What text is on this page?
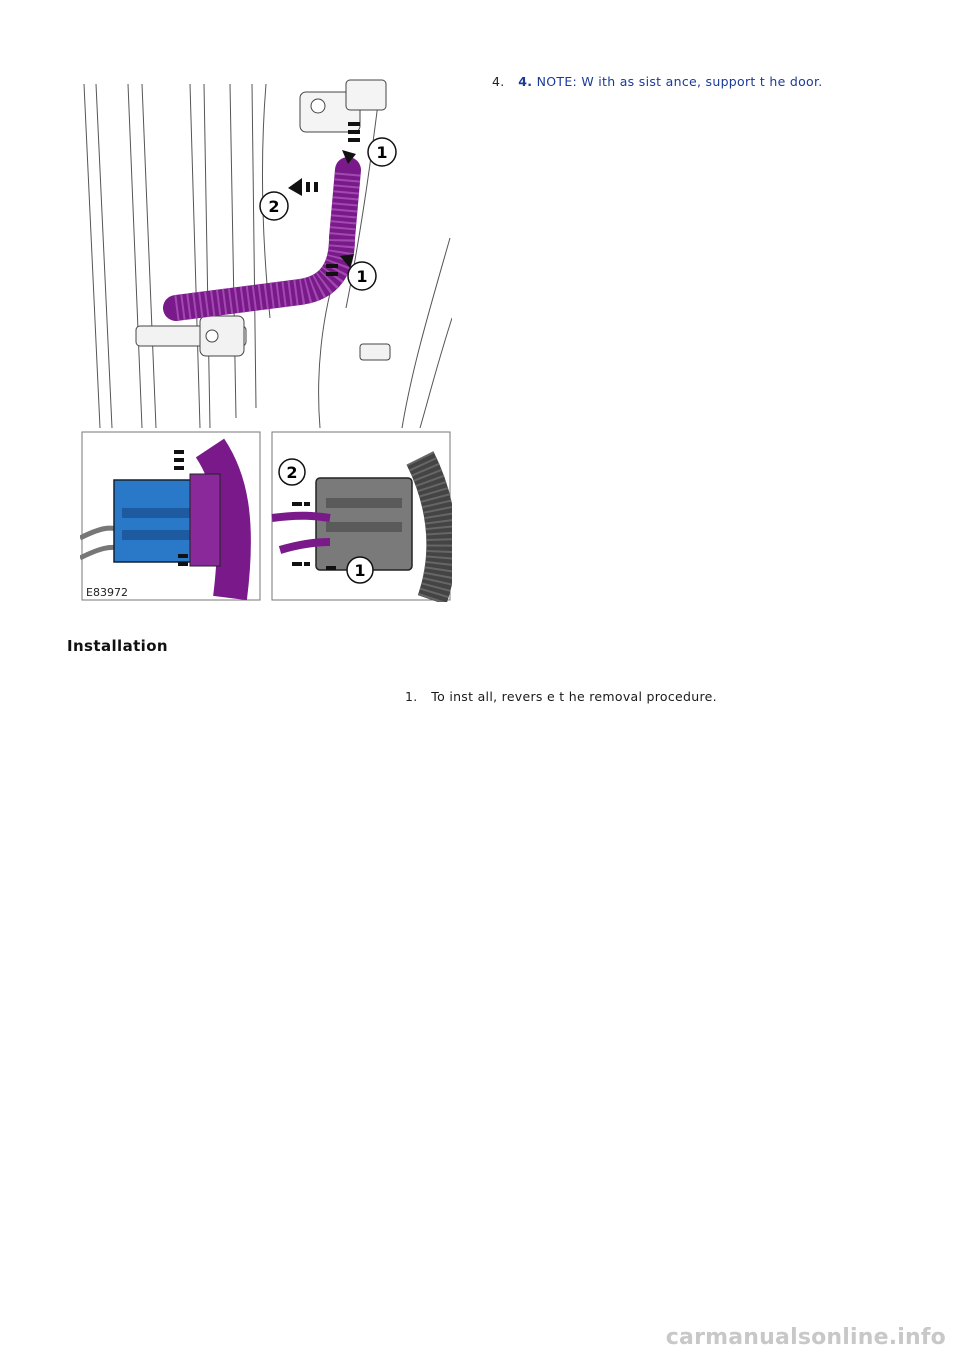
1
2
1
E83972
2
1
4. 4. NOTE: W ith as sist ance, support t he door.
Installation
1. To inst all, revers e t he removal procedure.
carmanualsonline.info
